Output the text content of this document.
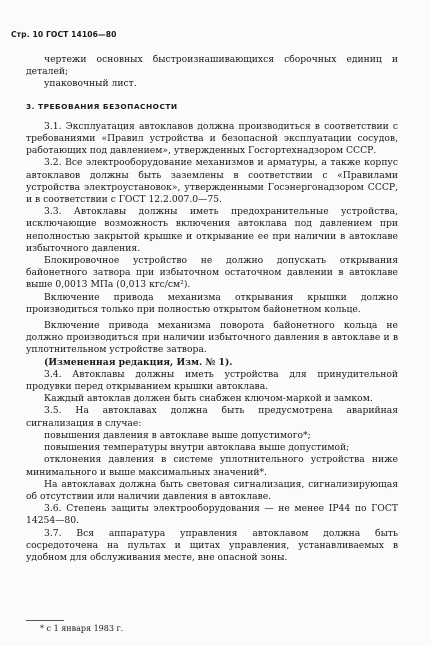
Стр. 10 ГОСТ 14106—80

чертежи основных быстроизнашивающихся сборочных единиц и деталей;

упаковочный лист.

3. ТРЕБОВАНИЯ БЕЗОПАСНОСТИ

3.1. Эксплуатация автоклавов должна производиться в соответствии с требованиями «Правил устройства и безопасной эксплуатации сосудов, работающих под давлением», утвержденных Госгортехнадзором СССР.

3.2. Все электрооборудование механизмов и арматуры, а также корпус автоклавов должны быть заземлены в соответствии с «Правилами устройства электроустановок», утвержденными Госэнергонадзором СССР, и в соответствии с ГОСТ 12.2.007.0—75.

3.3. Автоклавы должны иметь предохранительные устройства, исключающие возможность включения автоклава под давлением при неполностью закрытой крышке и открывание ее при наличии в автоклаве избыточного давления.

Блокировочное устройство не должно допускать открывания байонетного затвора при избыточном остаточном давлении в автоклаве выше 0,0013 МПа (0,013 кгс/см²).

Включение привода механизма открывания крышки должно производиться только при полностью открытом байонетном кольце.

Включение привода механизма поворота байонетного кольца не должно производиться при наличии избыточного давления в автоклаве и в уплотнительном устройстве затвора.

(Измененная редакция, Изм. № 1).

3.4. Автоклавы должны иметь устройства для принудительной продувки перед открыванием крышки автоклава.

Каждый автоклав должен быть снабжен ключом-маркой и замком.

3.5. На автоклавах должна быть предусмотрена аварийная сигнализация в случае:

повышения давления в автоклаве выше допустимого*;

повышения температуры внутри автоклава выше допустимой;

отклонения давления в системе уплотнительного устройства ниже минимального и выше максимальных значений*.

На автоклавах должна быть световая сигнализация, сигнализирующая об отсутствии или наличии давления в автоклаве.

3.6. Степень защиты электрооборудования — не менее IP44 по ГОСТ 14254—80.

3.7. Вся аппаратура управления автоклавом должна быть сосредоточена на пультах и щитах управления, устанавливаемых в удобном для обслуживания месте, вне опасной зоны.

* с 1 января 1983 г.
